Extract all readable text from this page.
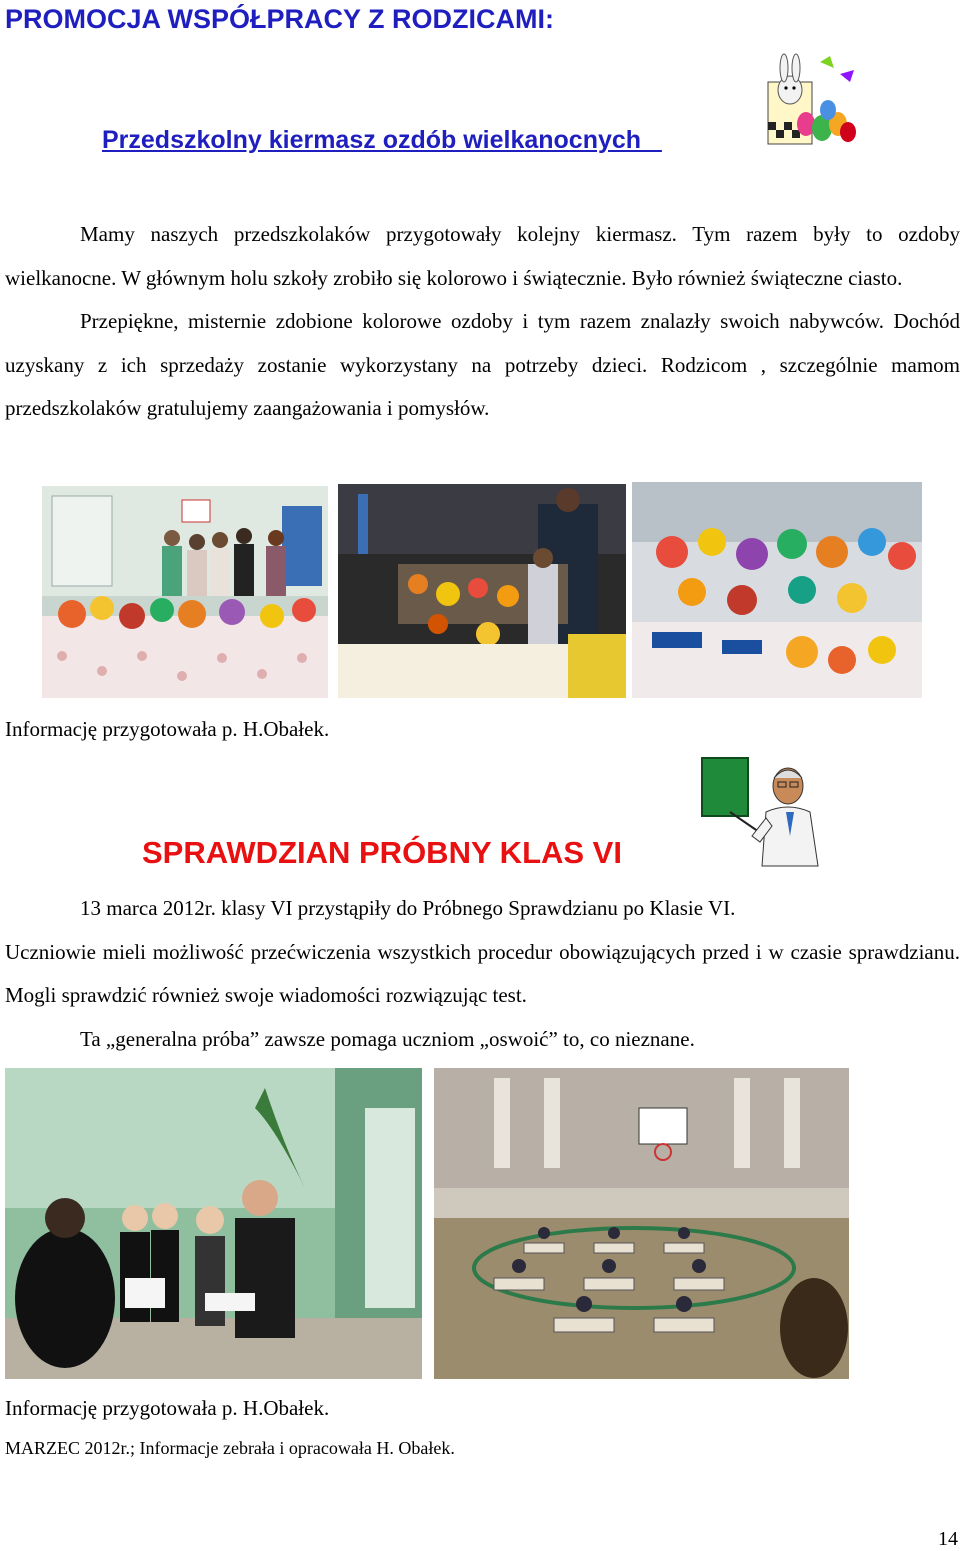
PROMOCJA WSPÓŁPRACY Z RODZICAMI:
Przedszkolny kiermasz ozdób wielkanocnych

Mamy naszych przedszkolaków przygotowały kolejny kiermasz. Tym razem były to ozdoby wielkanocne. W głównym holu szkoły zrobiło się kolorowo i świątecznie. Było również świąteczne ciasto.

Przepiękne, misternie zdobione kolorowe ozdoby i tym razem znalazły swoich nabywców. Dochód uzyskany z ich sprzedaży zostanie wykorzystany na potrzeby dzieci. Rodzicom , szczególnie mamom przedszkolaków gratulujemy zaangażowania i pomysłów.

Informację przygotowała p. H.Obałek.
SPRAWDZIAN PRÓBNY KLAS VI

13 marca 2012r. klasy VI przystąpiły do Próbnego Sprawdzianu po Klasie VI.

Uczniowie mieli możliwość przećwiczenia wszystkich procedur obowiązujących przed i w czasie sprawdzianu. Mogli sprawdzić również swoje wiadomości rozwiązując test.

Ta „generalna próba” zawsze pomaga uczniom „oswoić” to, co nieznane.

Informację przygotowała p. H.Obałek.
MARZEC 2012r.; Informacje zebrała i opracowała H. Obałek.
14
